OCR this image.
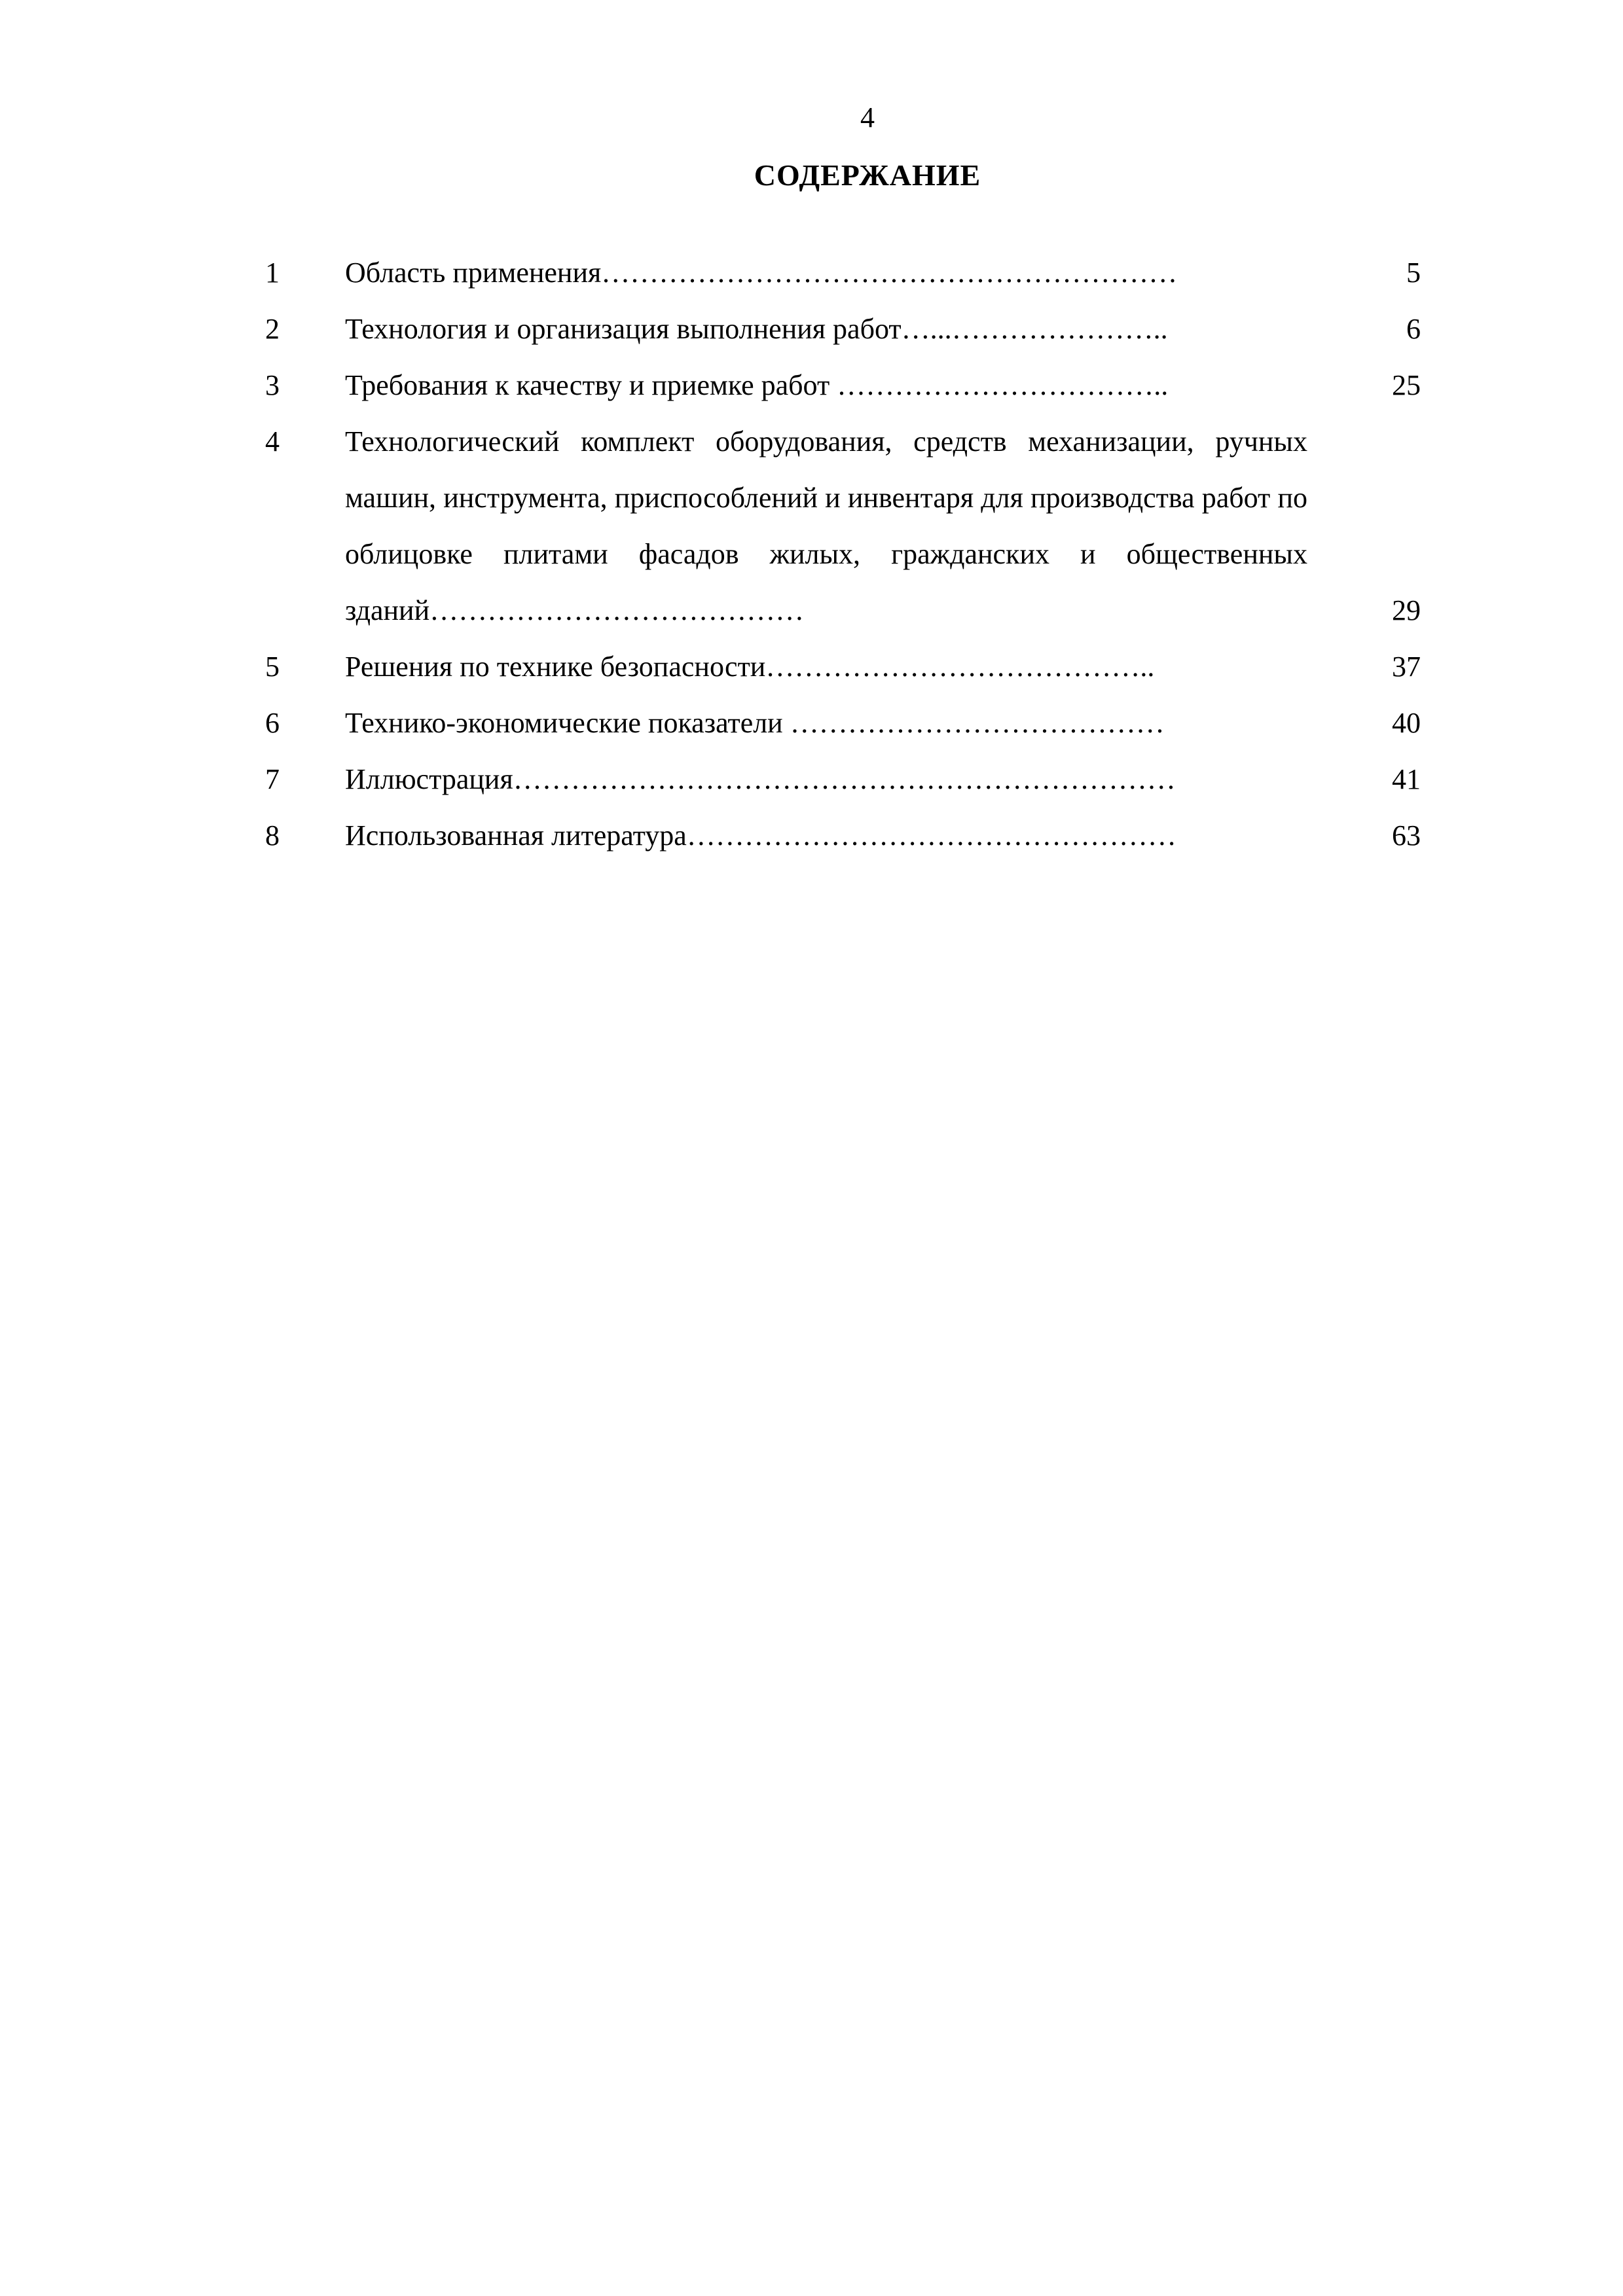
4
СОДЕРЖАНИЕ
1	Область применения……………………………………………………	5
2	Технология и организация выполнения работ…...…………………..	6
3	Требования к качеству и приемке работ ……………………………..	25
4	Технологический комплект оборудования, средств механизации, ручных машин, инструмента, приспособлений и инвентаря для производства работ по облицовке плитами фасадов жилых, гражданских и общественных зданий…………………………………	29
5	Решения по технике безопасности…………………………………..	37
6	Технико-экономические показатели …………………………………	40
7	Иллюстрация……………………………………………………………	41
8	Использованная литература……………………………………………	63
